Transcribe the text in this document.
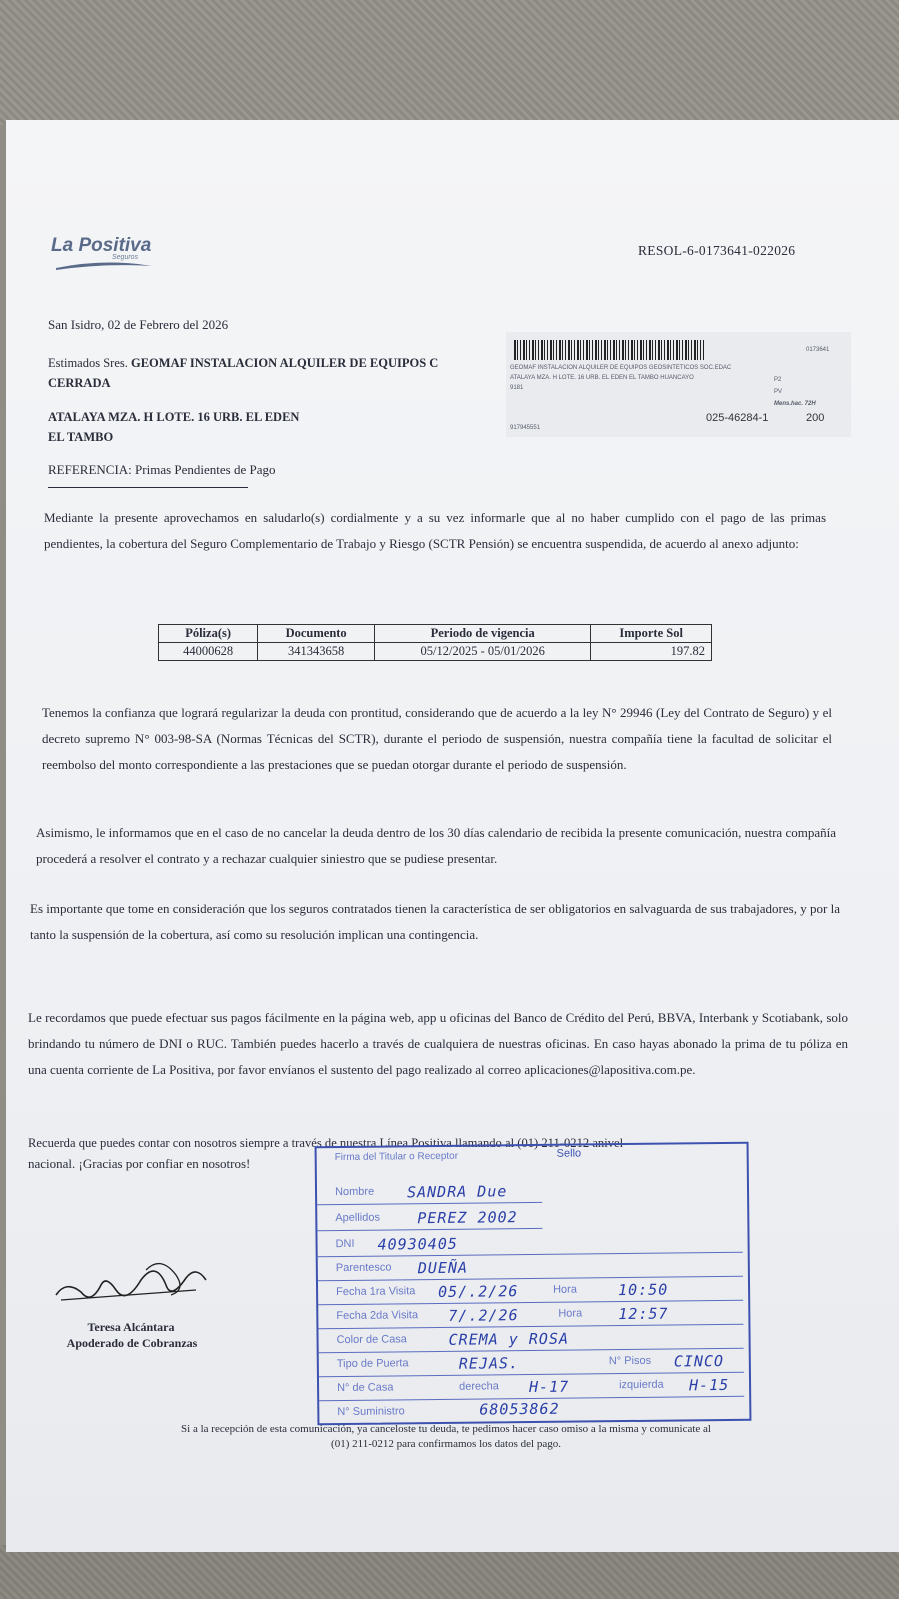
La Positiva
Seguros	RESOL-6-0173641-022026
San Isidro, 02 de Febrero del 2026
Estimados Sres. GEOMAF INSTALACION ALQUILER DE EQUIPOS C
CERRADA
ATALAYA MZA. H LOTE. 16 URB. EL EDEN
EL TAMBO
0173641
GEOMAF INSTALACION ALQUILER DE EQUIPOS GEOSINTETICOS SOC.EDAC
ATALAYA MZA. H LOTE. 16 URB. EL EDEN EL TAMBO HUANCAYO
9181
P2
PV
Mens.hac. 72H
917945551
025-46284-1	200
REFERENCIA: Primas Pendientes de Pago
Mediante la presente aprovechamos en saludarlo(s) cordialmente y a su vez informarle que al no haber cumplido con el pago de las primas pendientes, la cobertura del Seguro Complementario de Trabajo y Riesgo (SCTR Pensión) se encuentra suspendida, de acuerdo al anexo adjunto:
Póliza(s)	Documento	Periodo de vigencia	Importe Sol
44000628	341343658	05/12/2025 - 05/01/2026	197.82
Tenemos la confianza que logrará regularizar la deuda con prontitud, considerando que de acuerdo a la ley N° 29946 (Ley del Contrato de Seguro) y el decreto supremo N° 003-98-SA (Normas Técnicas del SCTR), durante el periodo de suspensión, nuestra compañía tiene la facultad de solicitar el reembolso del monto correspondiente a las prestaciones que se puedan otorgar durante el periodo de suspensión.
Asimismo, le informamos que en el caso de no cancelar la deuda dentro de los 30 días calendario de recibida la presente comunicación, nuestra compañía procederá a resolver el contrato y a rechazar cualquier siniestro que se pudiese presentar.
Es importante que tome en consideración que los seguros contratados tienen la característica de ser obligatorios en salvaguarda de sus trabajadores, y por la tanto la suspensión de la cobertura, así como su resolución implican una contingencia.
Le recordamos que puede efectuar sus pagos fácilmente en la página web, app u oficinas del Banco de Crédito del Perú, BBVA, Interbank y Scotiabank, solo brindando tu número de DNI o RUC. También puedes hacerlo a través de cualquiera de nuestras oficinas. En caso hayas abonado la prima de tu póliza en una cuenta corriente de La Positiva, por favor envíanos el sustento del pago realizado al correo aplicaciones@lapositiva.com.pe.
Recuerda que puedes contar con nosotros siempre a través de nuestra Línea Positiva llamando al (01) 211-0212 anivel
nacional. ¡Gracias por confiar en nosotros!
Teresa Alcántara
Apoderado de Cobranzas
Sello
Firma del Titular o Receptor
Nombre SANDRA Due
Apellidos PEREZ 2002
DNI 40930405
Parentesco DUEÑA
Fecha 1ra Visita 05/.2/26	Hora	10:50
Fecha 2da Visita 7/.2/26	Hora 12:57
Color de Casa	CREMA y ROSA
Tipo de Puerta	REJAS.	N° Pisos CINCO
N° de Casa	derecha H-17	izquierda H-15
N° Suministro	68053862
Si a la recepción de esta comunicación, ya canceloste tu deuda, te pedimos hacer caso omiso a la misma y comunicate al
(01) 211-0212 para confirmamos los datos del pago.
